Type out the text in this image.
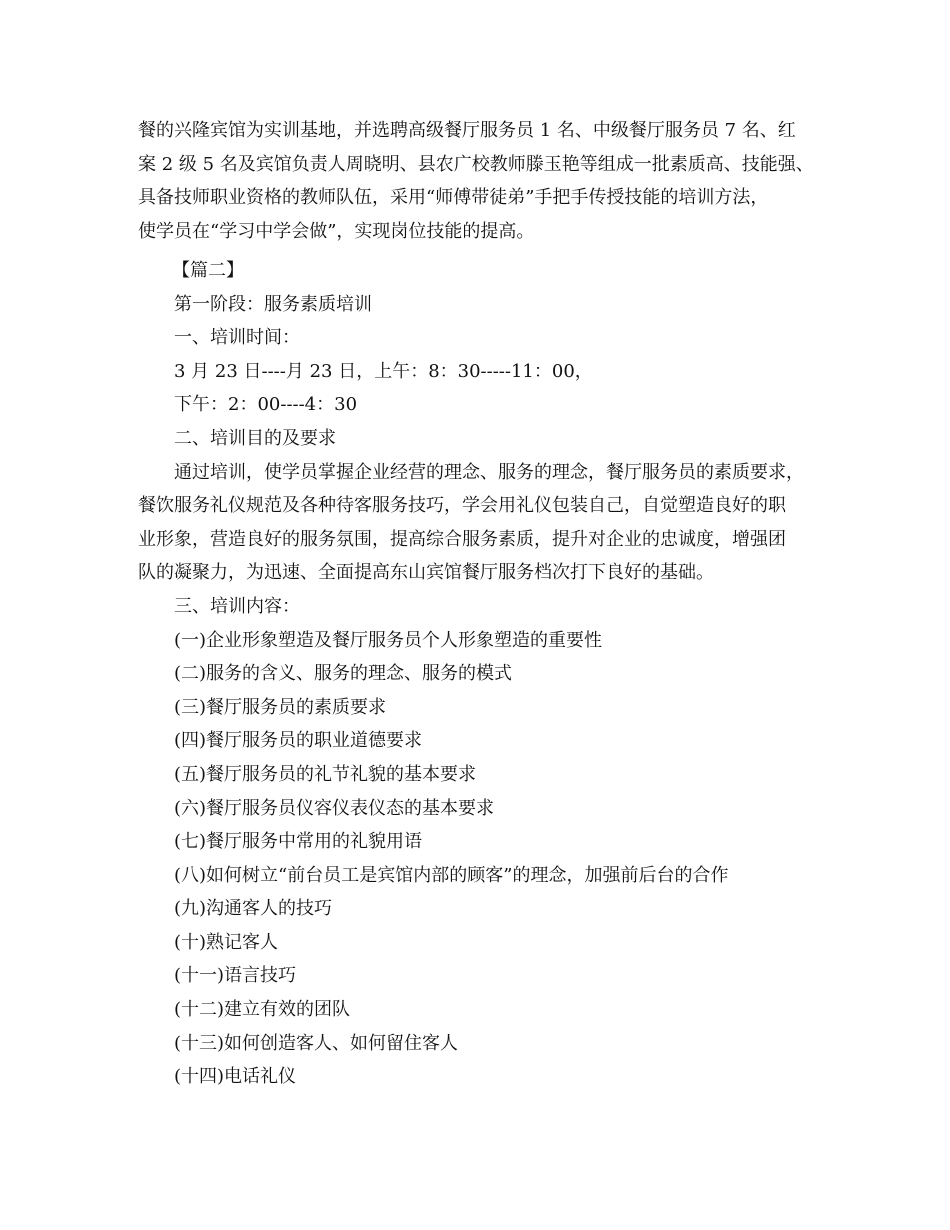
餐的兴隆宾馆为实训基地，并选聘高级餐厅服务员 1 名、中级餐厅服务员 7 名、红
案 2 级 5 名及宾馆负责人周晓明、县农广校教师滕玉艳等组成一批素质高、技能强、
具备技师职业资格的教师队伍，采用“师傅带徒弟”手把手传授技能的培训方法，
使学员在“学习中学会做”，实现岗位技能的提高。
【篇二】
第一阶段：服务素质培训
一、培训时间：
3 月 23 日----月 23 日，上午：8：30-----11：00，
下午：2：00----4：30
二、培训目的及要求
通过培训，使学员掌握企业经营的理念、服务的理念，餐厅服务员的素质要求，
餐饮服务礼仪规范及各种待客服务技巧，学会用礼仪包装自己，自觉塑造良好的职
业形象，营造良好的服务氛围，提高综合服务素质，提升对企业的忠诚度，增强团
队的凝聚力，为迅速、全面提高东山宾馆餐厅服务档次打下良好的基础。
三、培训内容：
(一)企业形象塑造及餐厅服务员个人形象塑造的重要性
(二)服务的含义、服务的理念、服务的模式
(三)餐厅服务员的素质要求
(四)餐厅服务员的职业道德要求
(五)餐厅服务员的礼节礼貌的基本要求
(六)餐厅服务员仪容仪表仪态的基本要求
(七)餐厅服务中常用的礼貌用语
(八)如何树立“前台员工是宾馆内部的顾客”的理念，加强前后台的合作
(九)沟通客人的技巧
(十)熟记客人
(十一)语言技巧
(十二)建立有效的团队
(十三)如何创造客人、如何留住客人
(十四)电话礼仪
